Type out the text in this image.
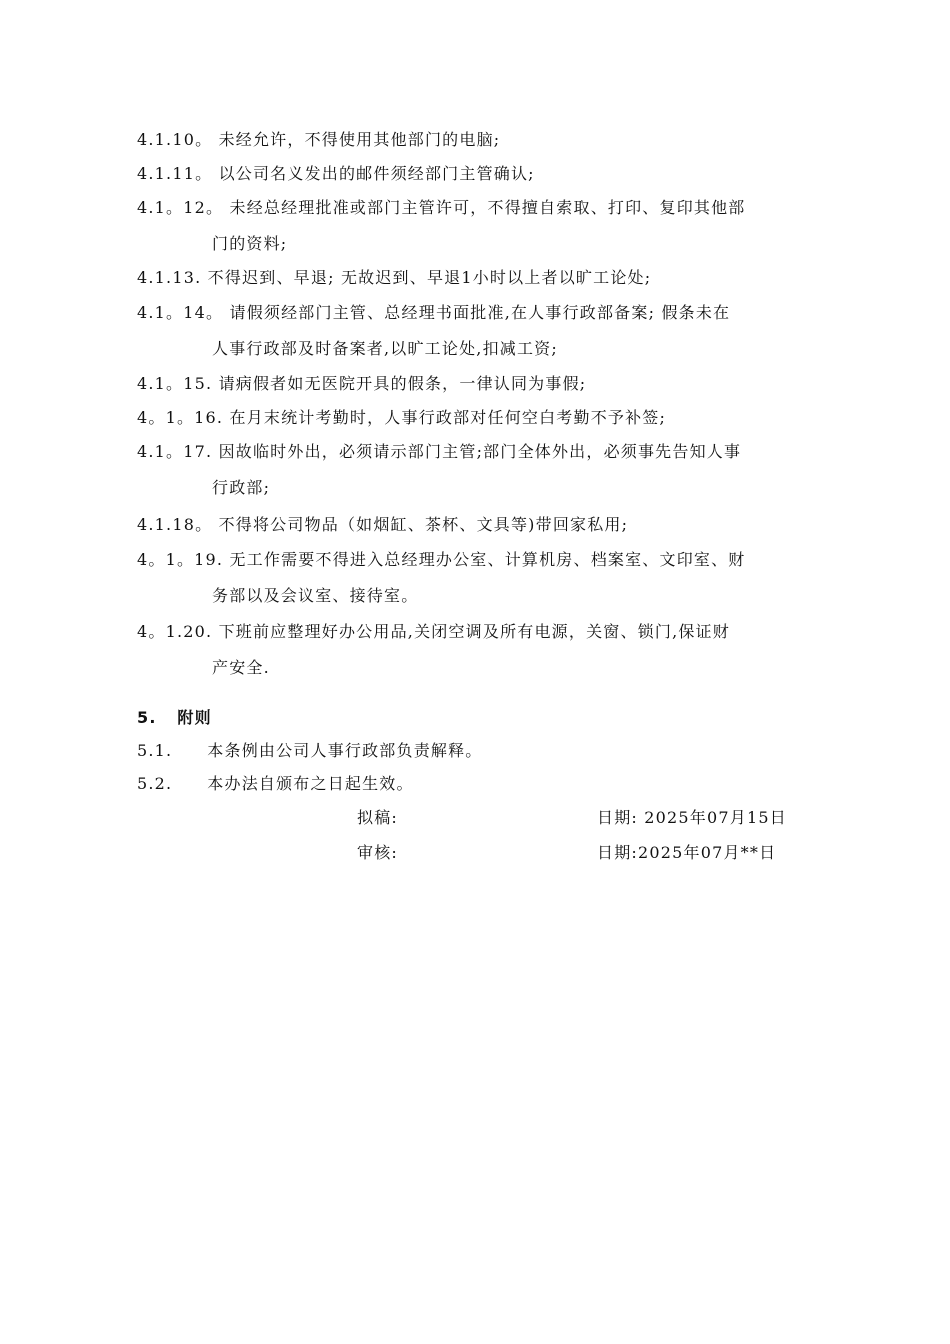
4.1.10。 未经允许，不得使用其他部门的电脑;
4.1.11。 以公司名义发出的邮件须经部门主管确认;
4.1。12。 未经总经理批准或部门主管许可，不得擅自索取、打印、复印其他部
门的资料;
4.1.13. 不得迟到、早退; 无故迟到、早退1小时以上者以旷工论处;
4.1。14。 请假须经部门主管、总经理书面批准,在人事行政部备案; 假条未在
人事行政部及时备案者,以旷工论处,扣减工资;
4.1。15. 请病假者如无医院开具的假条，一律认同为事假;
4。1。16. 在月末统计考勤时，人事行政部对任何空白考勤不予补签;
4.1。17. 因故临时外出，必须请示部门主管;部门全体外出，必须事先告知人事
行政部;
4.1.18。 不得将公司物品（如烟缸、茶杯、文具等)带回家私用;
4。1。19. 无工作需要不得进入总经理办公室、计算机房、档案室、文印室、财
务部以及会议室、接待室。
4。1.20. 下班前应整理好办公用品,关闭空调及所有电源，关窗、锁门,保证财
产安全.
5. 附则
5.1. 本条例由公司人事行政部负责解释。
5.2. 本办法自颁布之日起生效。
拟稿:	日期: 2025年07月15日
审核:	日期:2025年07月**日
